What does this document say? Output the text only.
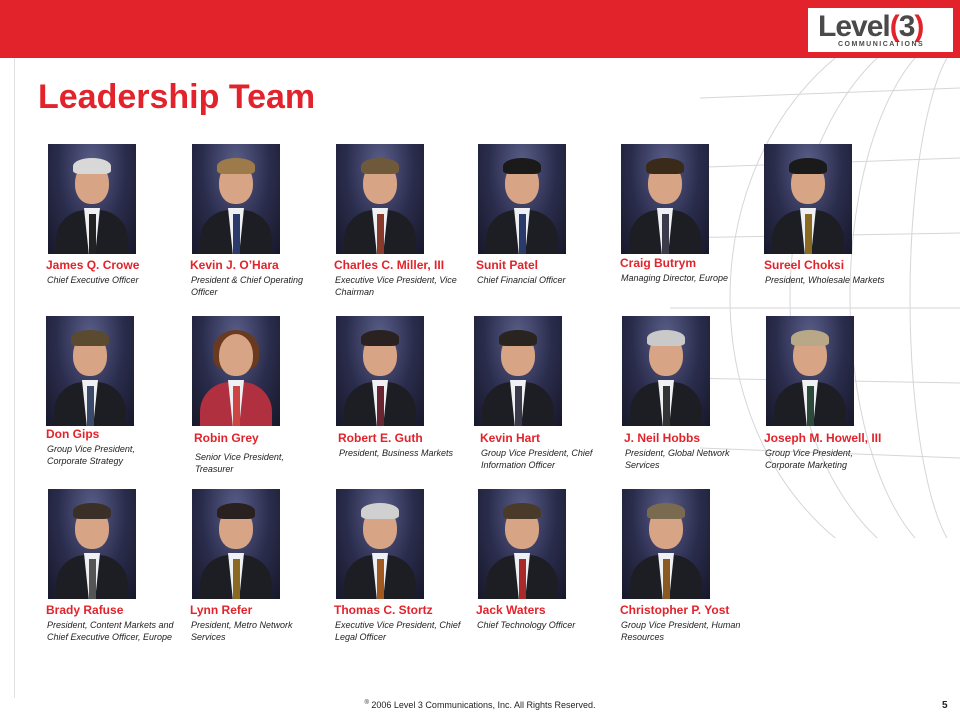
Level(3)
COMMUNICATIONS
Leadership Team
James Q. Crowe
Chief Executive Officer
Kevin J. O’Hara
President & Chief Operating Officer
Charles C. Miller, III
Executive Vice President, Vice Chairman
Sunit Patel
Chief Financial Officer
Craig Butrym
Managing Director, Europe
Sureel Choksi
President, Wholesale Markets
Don Gips
Group Vice President, Corporate Strategy
Robin Grey
Senior Vice President, Treasurer
Robert E. Guth
President, Business Markets
Kevin Hart
Group Vice President, Chief Information Officer
J. Neil Hobbs
President, Global Network Services
Joseph M. Howell, III
Group Vice President, Corporate Marketing
Brady Rafuse
President, Content Markets and Chief Executive Officer, Europe
Lynn Refer
President, Metro Network Services
Thomas C. Stortz
Executive Vice President, Chief Legal Officer
Jack Waters
Chief Technology Officer
Christopher P. Yost
Group Vice President, Human Resources
® 2006 Level 3 Communications, Inc. All Rights Reserved.	5
